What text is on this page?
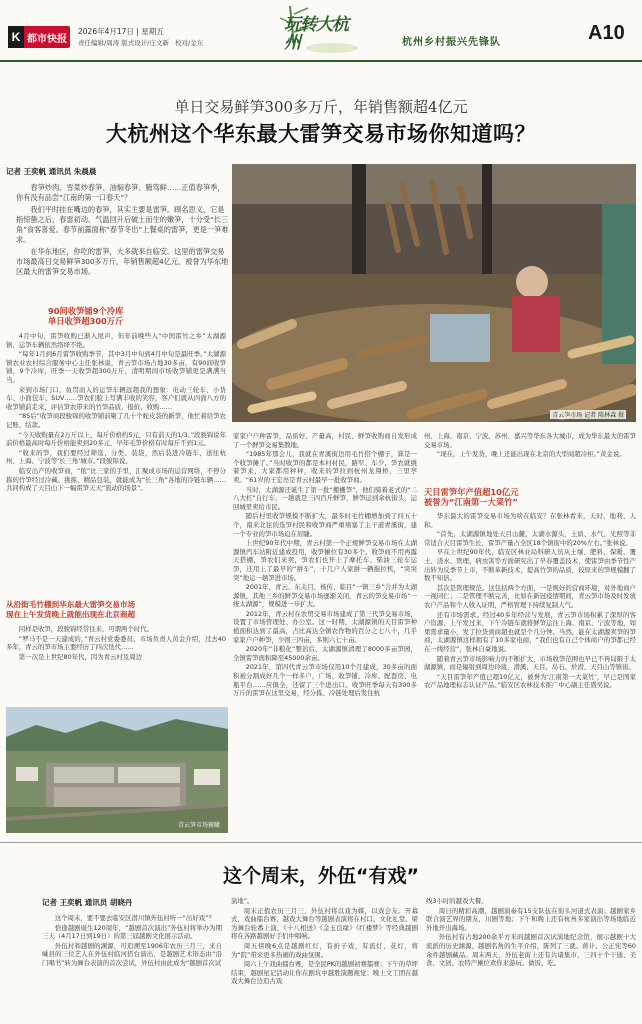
K 都市快报
2026年4月17日 | 星期五
责任编辑/周涛 版式设计/庄文新 校对/金东
玩转大杭州	杭州乡村振兴先锋队	A10
单日交易鲜笋300多万斤，年销售额超4亿元
大杭州这个华东最大雷笋交易市场你知道吗？
记者 王奕帆 通讯员 朱晨晨

春笋炒肉、雪菜炒春笋、油焖春笋、腌笃鲜……正值春笋季，你有没有品尝“江南的第一口春天”？

我们平时挂在嘴边的春笋，其实主要是雷笋。顾名思义，它是指惊蛰之后，春雷初动、气温回升后破土而生的嫩笋，十分受“长三角”食客喜爱。春节前露面称“春节冬出”上餐桌的雷笋，更是一笋难求。

在华东地区，你吃的雷笋，大多就来自临安。这里的雷笋交易市场最高日交易鲜笋300多万斤，年销售额超4亿元，被誉为华东地区最大的雷笋交易市场。

90间收笋铺9个冷库
单日收笋超300万斤

4月中旬，雷笋收购已渐入尾声，但年前晚些入“中国雷竹之乡”太湖源镇，运笋车辆依然络绎不绝。

“每年1月到6月雷笋收购季节，其中3月中旬到4月中旬是最旺季。”太湖源镇农业农村综合服务中心主任张林说，青云笋市场占地30多亩，有90间收笋铺，9个冷库，旺季一天收笋超300万斤，清明期间市场收笋铺更是满满当当。

来到市场门口，鱼贯而入的运笋车辆远超我的想象：电动三轮车、小货车、小面包车、SUV……笋农们脸上写满丰收的笑容，客户们就从四面八方的收笋铺前走来，评估笋农带来的竹笋品质、报价、收购……

“85后”收笋商段骏锦的收笋铺前聚了几十个蛇皮袋的新笋，他忙着给笋农记账、结款。

“今天收购量在2万斤以上，每斤价格约5元，只有前天的1/3。”段骏锦说年前价格最高时每斤价格能卖到20多元，早年毛笋价格有时每斤不到1元。

“收来的笋，我们要经过筛选、分类、装袋，然后装进冷链车，送往杭州、上海、宁波等‘长三角’城市。”段骏锦说。

临安出产的收笋商，“侬”比三家的手里，汇聚成市场的运营网络，不停分拣的竹笋经过冷藏、挑拣、精品包装，就能成为“长三角”各地的冷链车辆……共同构成了天目山下一幅雷笋天天“流动的场景”。

从沿街毛竹棚到华东最大雷笋交易市场
现在上午发货晚上就能出现在北京商超

同样是收笋，段骏锦经常往来，可谓两个时代。

“罗马不是一天建成的，”青云村党委委员、市场负责人黄金介绍，过去40多年，青云的笋市场主要经历了四次迭代……

第一次是上世纪80年代，因为青云村及周边

青云笋市场俯瞰
青云笋市场 记者 陈林森 摄

家家户户种雷笋，品质好、产量高，村民、鲜笋收购商自发形成了一个鲜笋交易集散地。

“1985年那会儿，我就在青溪街边用毛竹搭个棚子，算是一个收笋摊了。”当时收笋的都是本村村民，路窄、车少，笋农就挑着笋来，大家都用秤秤，收来的笋拉到杭州龙翔桥、三里亭卖。“61岁的王宏亮是青云村最早一批收笋商。

当时，太湖源还诞生了第一批“搬栅笋”，他们骑着老式的“二八大杠”自行车，一趟就是三四百斤鲜笋，鲜笋运到余杭街头，运回城里卖给市民。

随后村里收笋规模不断扩大，最多时毛竹棚增加到了四五十个，南来北往的选笋村民和收笋商严重堵塞了主干道青溪街，建一个专业的笋市场迫在眉睫。

上世纪90年代中期，青云村第一个正规鲜笋交易市场在太湖源镇汽车站附近建成投用，收笋摊位有30多个。收笋商不用再露天搭棚，笋农们来卖，笋农们也开上了摩托车、柴油三轮车运笋，还用上了最早的“拼车”，十几户人家拼一辆拖拉机，“突突突”地运一趟笋进市场。

2001年，青云、东关目、杨传、临目“一镇三乡”合并为太湖源镇，其他三乡的鲜笋交易市场逐渐关闭，青云的笋交易市场“一统太湖源”，规模进一步扩大。

2012年，青云村在农贸交易市场建成了第三代笋交易市场，设置了市场管理处、办公室。这一时期，太湖源镇的天目雷笋种植面积达到了最高，占比高达全镇农作物的百分之七八十，几乎家家户户种笋，少则三四亩，多则六七十亩。

2020年“非粮化”整治后，太湖源镇清理了8000多亩笋园，全镇雷笋面积降至45000余亩。

2021年，第四代青云笋市场仅用10个月建成，30多亩的面积被分割成好几个一样多户，广场、收笋铺、冷库、配套房、电瓶平台……应俱全，还留了三个进出口。收笋旺季每天有300多万斤的雷笋在这里交易，经分拣、冷链处理后发往杭

州、上海、南京、宁波、苏州、嘉兴等华东各大城市，成为华东最大的雷笋交易市场。

“现在，上午发货，晚上还能出现在北京的大型商超冷柜。”黄金说。

天目雷笋年产值超10亿元
被誉为“江南第一大菜竹”

华东最大的雷笋交易市场为啥在临安？在张林看来，天时、地利、人和。

“首先，太湖源镇地处天目山麓，太湖水源头，土质、水气、光照等非常适合天目雷笋生长，雷笋产量占全区18个镇街中的20%左右。”张林说。

早在上世纪90年代，临安区林业局科研人员从土壤、肥料、保暖、覆土、浇水、管理、病虫害等方面研究出了早春覆盖技术，使雷笋由季节性产出转为反季节上市，不断革新技术，提高竹笋的品质，较原来的笋规模翻了数不知倍。

其次是管理规范。这包括两个方面，一是规好的营商环境，对外地商户一视同仁；二是管理不断完善，比如在新冠疫情期间，青云笋市场及时发放农户产品和个人收入证明，严格管理下持续复制人气。

还有市场需求。经过40多年经营与发展，青云笋市场积累了深厚的客户资源，上午发过来，下午冷链车就将鲜笋运往上海、南京、宁波等地，如果需求量小，发了拉货到商超也就是个几分钟。当然，能在太湖源卖笋的笋商，太湖源镇这样拥有了10多家电商，“我们也有自己个体商户的笋都已经在一线经营”，张林自豪地说。

随着青云笋市场影响力的不断扩大，市场收笋范围也早已不再局限于太湖源镇，而是辐射到周边玲珑、潜溪、天目、岛石、於潜、天目山等镇街。

“天目雷笋年产值已超10亿元，被誉为‘江南第一大菜竹’，早已是国家农产品地理标志认证产品。”临安区农林技术推广中心副主任盛吴说。

这个周末，外伍“有戏”
记者 王奕帆 通讯员 胡晓丹

这个周末，要不要去临安区潜川镇外伍村听一“出好戏”？

恰逢越剧诞生120周年，“越剧首次演出”外伍村将举办为期三天（4月17日到19日）的第三届越剧文化展示活动。

外伍村和越剧的渊源，可追溯至1906年农历三月三，来自嵊县的三位艺人在外伍村临河搭台演出，是越剧艺术形态由“沿门唱书”转为舞台表演的首次尝试，外伍村由此成为“越剧首次试

演地”。

周末正值农历三月三，外伍村将以戏为媒，以戏会友。开幕式，戏曲擂台赛、越戏大舞台等越剧表演将在村口、文化礼堂、梁为舞台轮番上演，《十八相送》《金玉良缘》《红楼梦》等经典越剧将在各路越剧好手们中唱响。

周五傍晚6点是越剧红灯，有折子戏，有流灯，花灯，将为“院”带来更多热闹的戏曲氛围。

周六上午戏曲擂台赛，是全民PK的越剧初赛擂赛；下午的草坪结束，越剧星记活动让你在剧坑中越胜演题视觉；晚上文工团在越戏大舞台边追古戏

线3小时的越戏大餐。

周日的精彩高潮，越剧演奏有15支队伍在街头河道式表演；越剧家乡联合演艺界的朋友，川剧等地；下午和晚上还有杭州多家演出等场地临近外地开出海场。

外伍村有占地200余平方米的越剧首次试演地纪念馆，展示越剧十大流派的历史渊源、越剧名角的生平介绍，陈列了三就、蒋计、公正宪等60余件越剧藏品。周末两天，外伍老街上还有共诸集市，三四十个干通、美食、文创、农特产摊位欢你来游玩、做饭、吃。
